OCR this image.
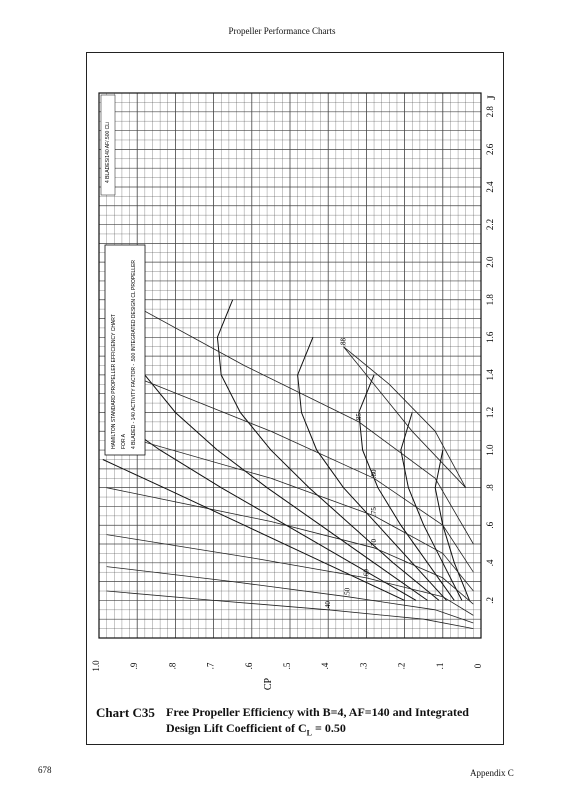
Propeller Performance Charts
.40
.50
.60
.70
.75
.80
.85
.88
.2
.4
.6
.8
1.0
1.2
1.4
1.6
1.8
2.0
2.2
2.4
2.6
2.8
J
0
.1
.2
.3
.4
.5
.6
.7
.8
.9
1.0
CP
HAMILTON STANDARD PROPELLER EFFICIENCY CHART FOR A 4 BLADED - 140 ACTIVITY FACTOR - .500 INTEGRATED DESIGN CL PROPELLER
4 BLADES/140 AF/.500 CLi
Chart C35 Free Propeller Efficiency with B=4, AF=140 and Integrated
Design Lift Coefficient of $C_L = 0.50$
678	Appendix C
